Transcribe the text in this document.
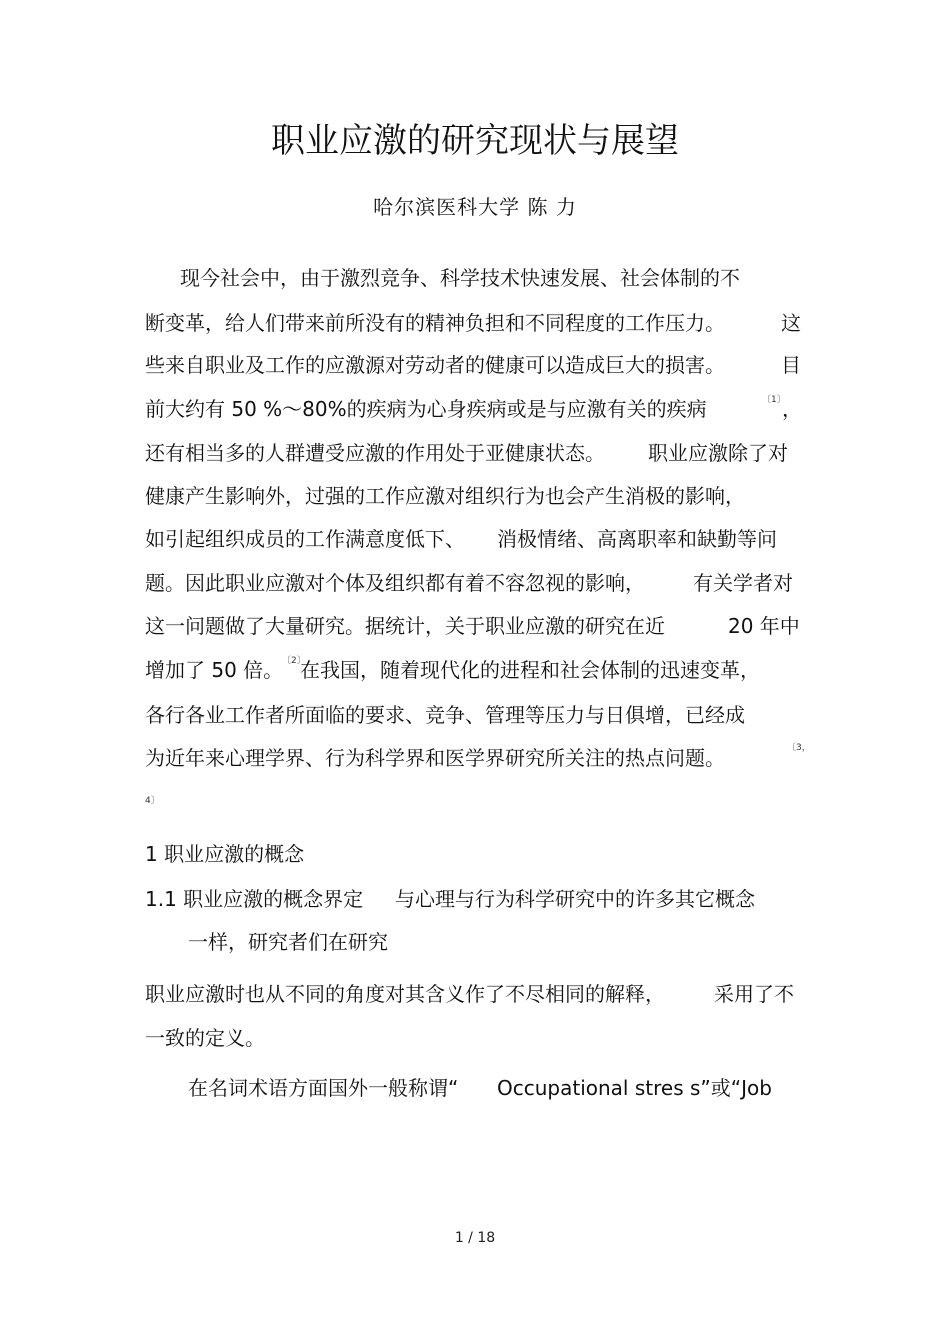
职业应激的研究现状与展望
哈尔滨医科大学 陈 力
现今社会中，由于激烈竞争、科学技术快速发展、社会体制的不
断变革，给人们带来前所没有的精神负担和不同程度的工作压力。	这
些来自职业及工作的应激源对劳动者的健康可以造成巨大的损害。	目
前大约有 50 %～80%的疾病为心身疾病或是与应激有关的疾病	〔1〕
，
还有相当多的人群遭受应激的作用处于亚健康状态。 职业应激除了对
健康产生影响外，过强的工作应激对组织行为也会产生消极的影响，
如引起组织成员的工作满意度低下、 消极情绪、高离职率和缺勤等问
题。因此职业应激对个体及组织都有着不容忽视的影响， 有关学者对
这一问题做了大量研究。据统计，关于职业应激的研究在近	20 年中
增加了 50 倍。
〔2〕
在我国，随着现代化的进程和社会体制的迅速变革，
各行各业工作者所面临的要求、竞争、管理等压力与日俱增，已经成
为近年来心理学界、行为科学界和医学界研究所关注的热点问题。	〔3，
4〕
1 职业应激的概念
1.1 职业应激的概念界定 与心理与行为科学研究中的许多其它概念
一样，研究者们在研究
职业应激时也从不同的角度对其含义作了不尽相同的解释， 采用了不
一致的定义。
在名词术语方面国外一般称谓“ Occupational stres s”或“Job
1 / 18
